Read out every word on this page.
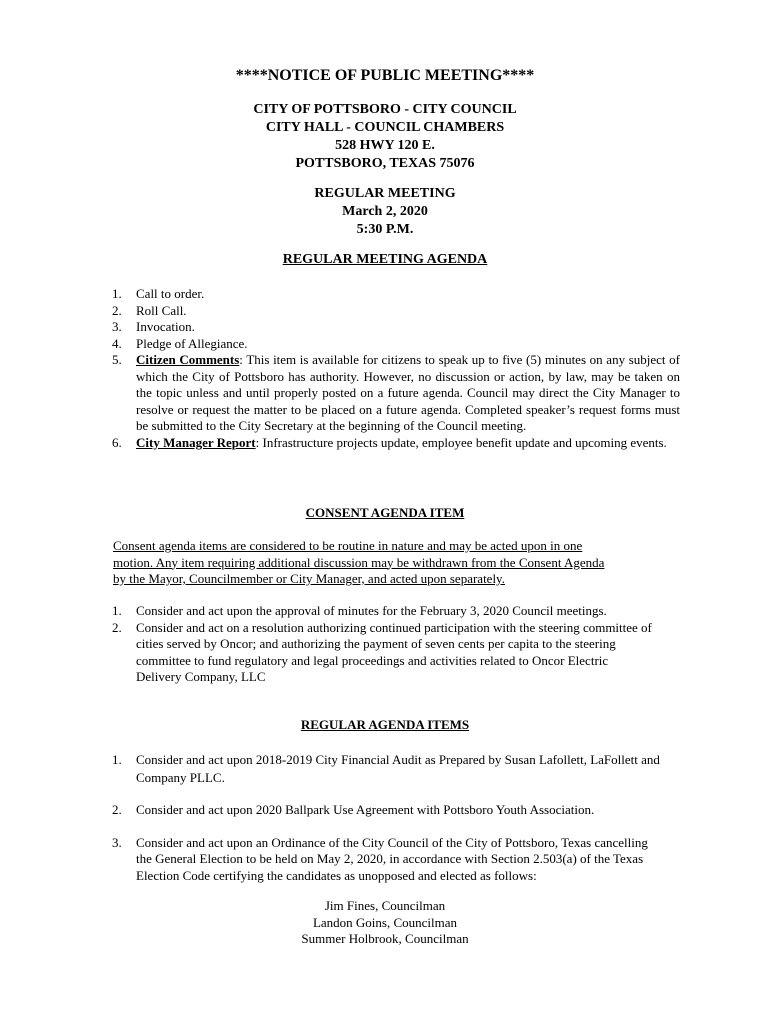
****NOTICE OF PUBLIC MEETING****
CITY OF POTTSBORO - CITY COUNCIL
CITY HALL - COUNCIL CHAMBERS
528 HWY 120 E.
POTTSBORO, TEXAS 75076
REGULAR MEETING
March 2, 2020
5:30 P.M.
REGULAR MEETING AGENDA
1. Call to order.
2. Roll Call.
3. Invocation.
4. Pledge of Allegiance.
5. Citizen Comments: This item is available for citizens to speak up to five (5) minutes on any subject of which the City of Pottsboro has authority. However, no discussion or action, by law, may be taken on the topic unless and until properly posted on a future agenda. Council may direct the City Manager to resolve or request the matter to be placed on a future agenda. Completed speaker’s request forms must be submitted to the City Secretary at the beginning of the Council meeting.
6. City Manager Report: Infrastructure projects update, employee benefit update and upcoming events.
CONSENT AGENDA ITEM
Consent agenda items are considered to be routine in nature and may be acted upon in one
motion. Any item requiring additional discussion may be withdrawn from the Consent Agenda
by the Mayor, Councilmember or City Manager, and acted upon separately.
1. Consider and act upon the approval of minutes for the February 3, 2020 Council meetings.
2. Consider and act on a resolution authorizing continued participation with the steering committee of cities served by Oncor; and authorizing the payment of seven cents per capita to the steering committee to fund regulatory and legal proceedings and activities related to Oncor Electric Delivery Company, LLC
REGULAR AGENDA ITEMS
1. Consider and act upon 2018-2019 City Financial Audit as Prepared by Susan Lafollett, LaFollett and Company PLLC.
2. Consider and act upon 2020 Ballpark Use Agreement with Pottsboro Youth Association.
3. Consider and act upon an Ordinance of the City Council of the City of Pottsboro, Texas cancelling the General Election to be held on May 2, 2020, in accordance with Section 2.503(a) of the Texas Election Code certifying the candidates as unopposed and elected as follows:
Jim Fines, Councilman
Landon Goins, Councilman
Summer Holbrook, Councilman
